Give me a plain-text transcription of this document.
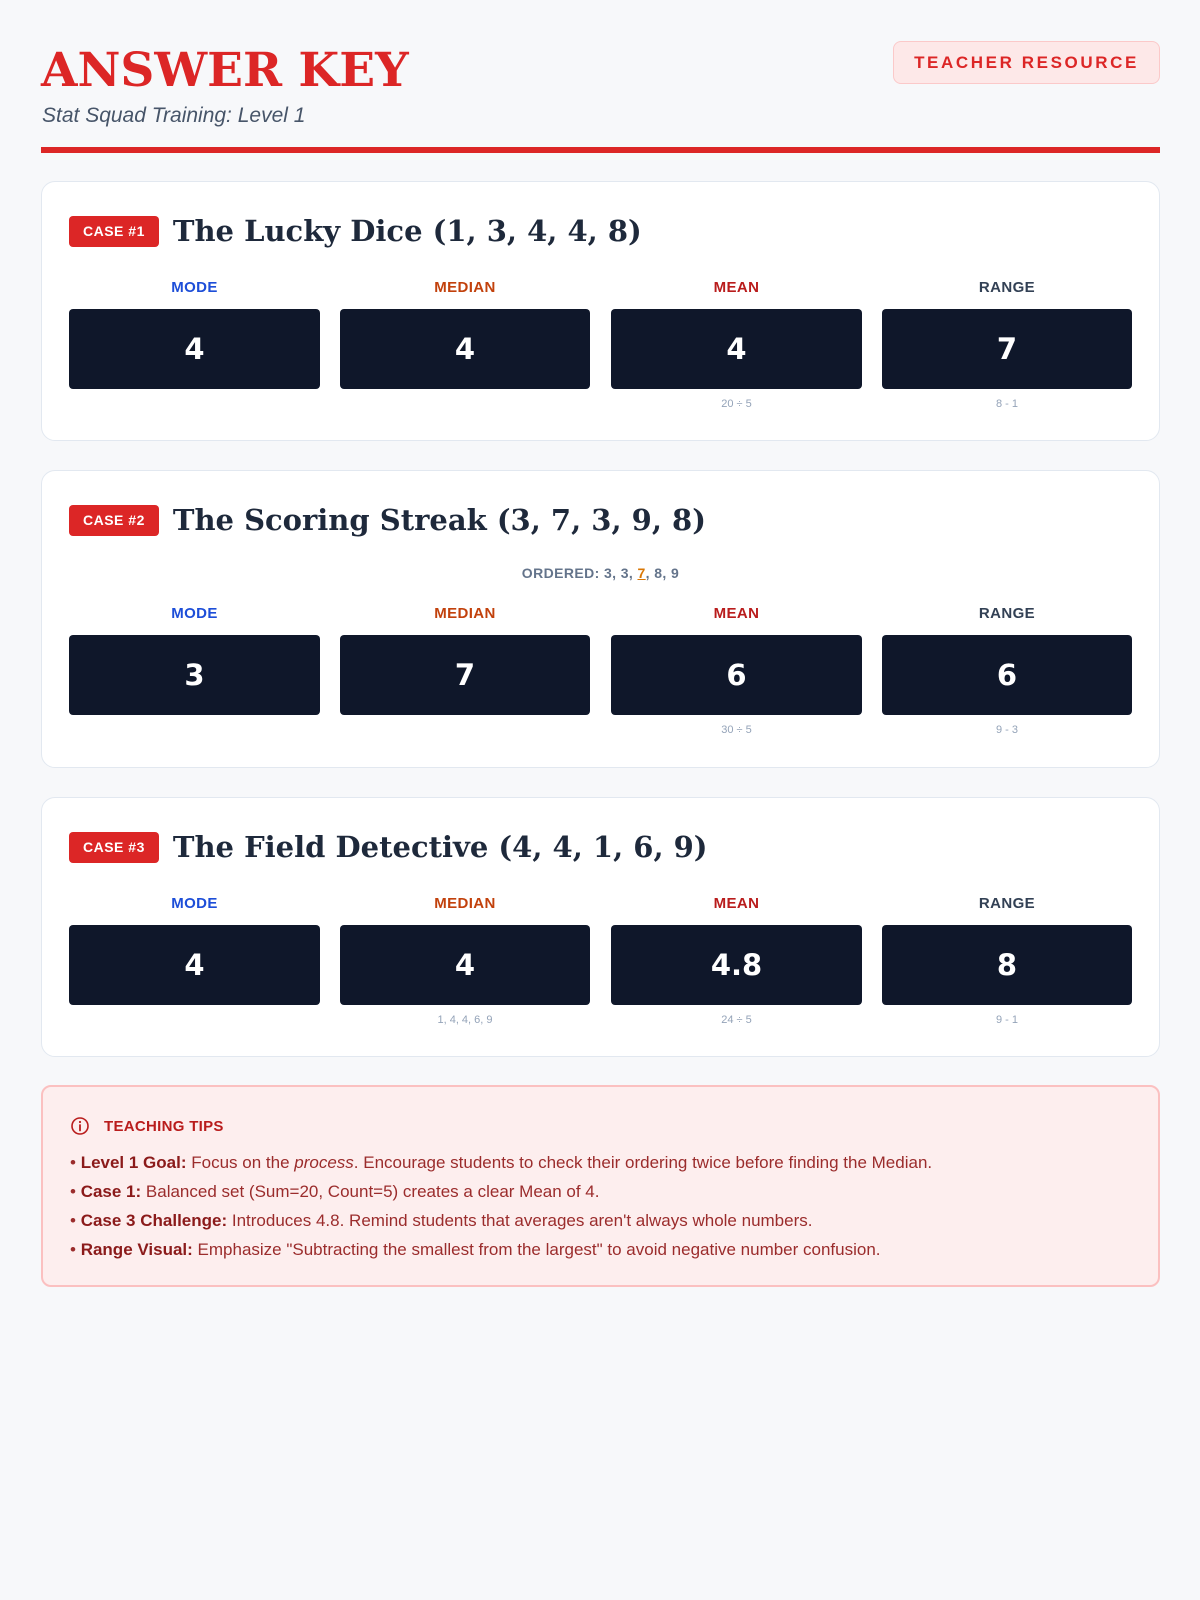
ANSWER KEY
Stat Squad Training: Level 1
TEACHER RESOURCE
CASE #1 The Lucky Dice (1, 3, 4, 4, 8)
MODE
4
MEDIAN
4
MEAN
4
20 ÷ 5
RANGE
7
8 - 1
CASE #2 The Scoring Streak (3, 7, 3, 9, 8)
ORDERED: 3, 3, 7, 8, 9
MODE
3
MEDIAN
7
MEAN
6
30 ÷ 5
RANGE
6
9 - 3
CASE #3 The Field Detective (4, 4, 1, 6, 9)
MODE
4
MEDIAN
4
1, 4, 4, 6, 9
MEAN
4.8
24 ÷ 5
RANGE
8
9 - 1
TEACHING TIPS
• Level 1 Goal: Focus on the process. Encourage students to check their ordering twice before finding the Median.
• Case 1: Balanced set (Sum=20, Count=5) creates a clear Mean of 4.
• Case 3 Challenge: Introduces 4.8. Remind students that averages aren't always whole numbers.
• Range Visual: Emphasize "Subtracting the smallest from the largest" to avoid negative number confusion.
